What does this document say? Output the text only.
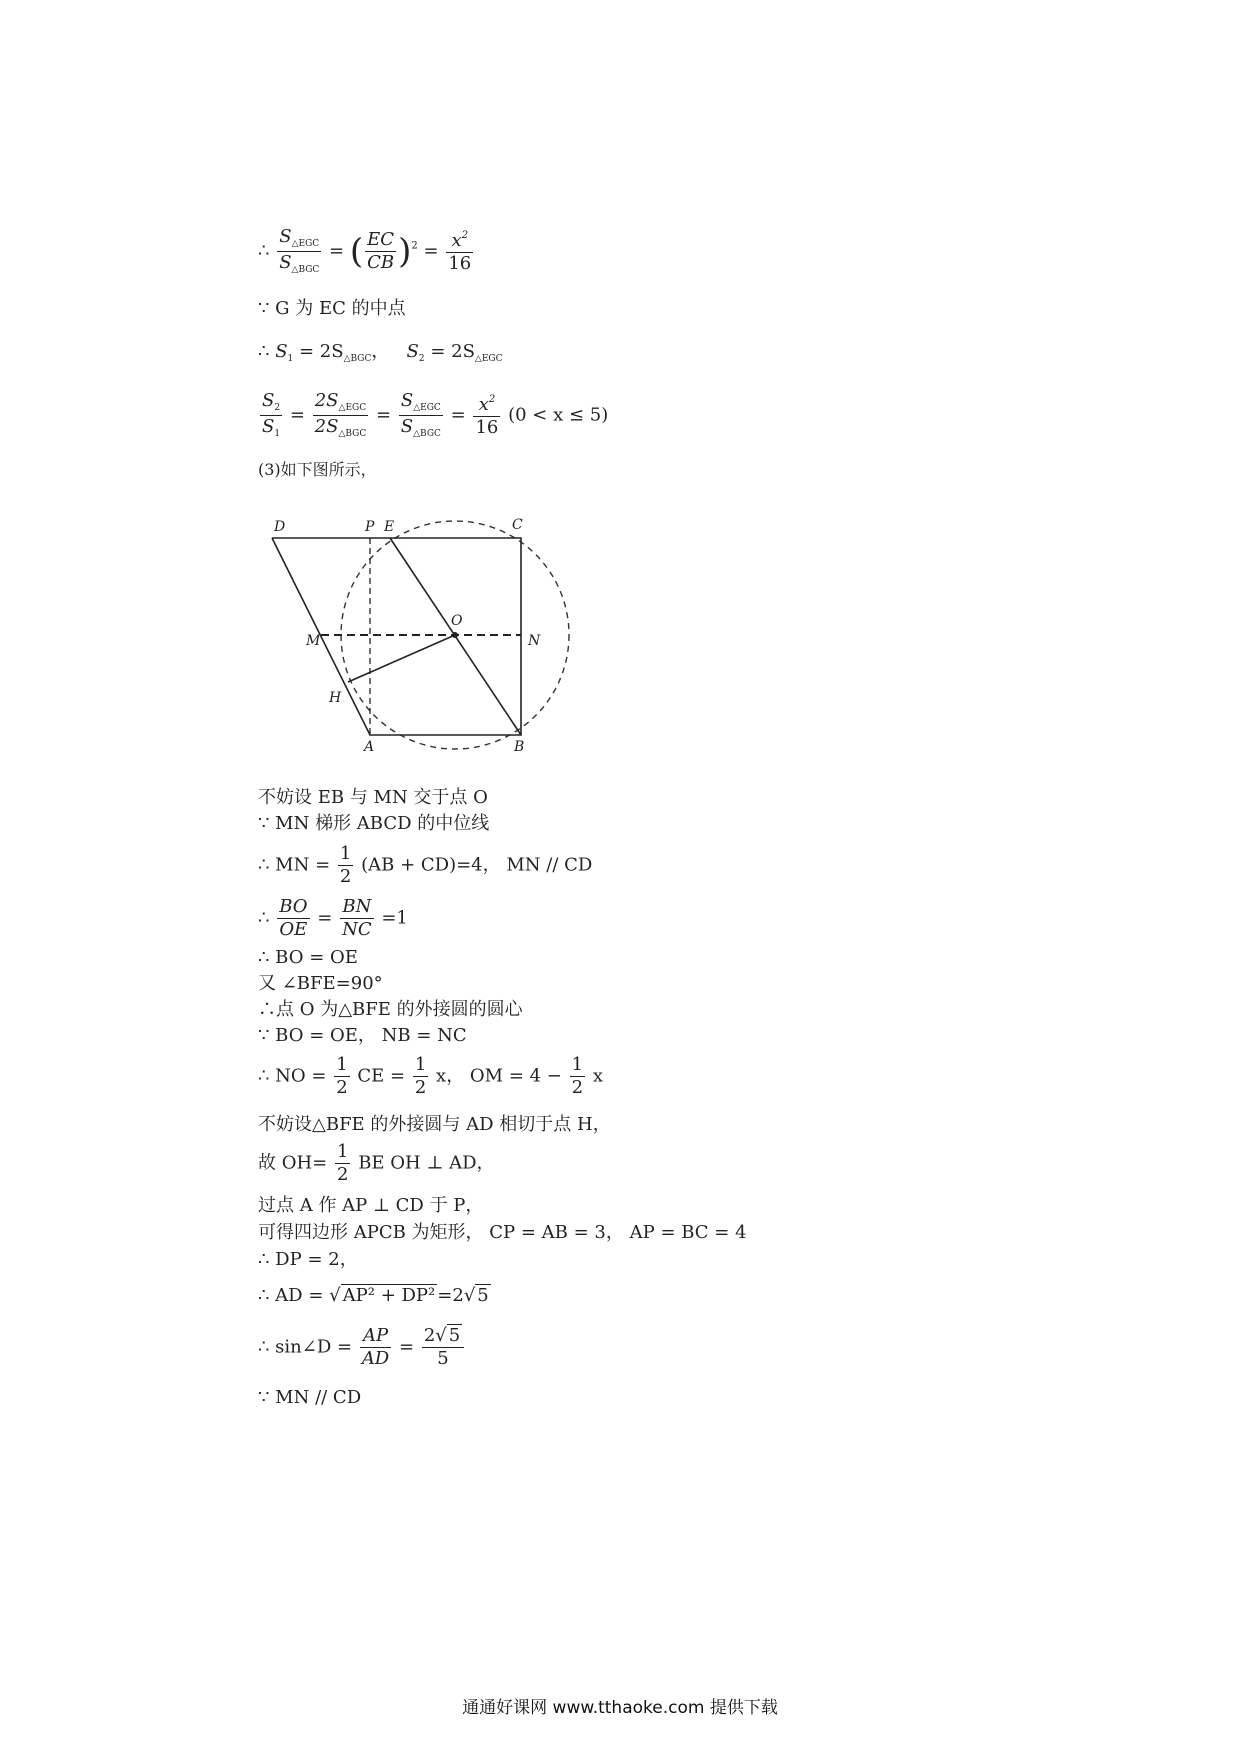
∴ $\frac{S_{\triangle EGC}}{S_{\triangle BGC}}$ = ( $\frac{EC}{CB} )^2 = \frac{x^2}{16}$
∵ G 为 EC 的中点
∴ $S_1 = 2S_{\triangle BGC}$， $S_2 = 2S_{\triangle EGC}$
$\frac{S_2}{S_1} = \frac{2S_{\triangle EGC}}{2S_{\triangle BGC}} = \frac{S_{\triangle EGC}}{S_{\triangle BGC}} = \frac{x^2}{16} (0 < x \le 5)$
(3)如下图所示，
D	P E	C
O
M	N
H
A	B
不妨设 EB 与 MN 交于点 O
∵ MN 梯形 ABCD 的中位线
∴ MN = $\frac{1}{2} (AB + CD)=4$， MN // CD
∴ $\frac{BO}{OE} = \frac{BN}{NC} =1$
∴ BO = OE
又 ∠BFE=90°
∴点 O 为△BFE 的外接圆的圆心
∵ BO = OE， NB = NC
∴ NO = $\frac{1}{2}$ CE = $\frac{1}{2}$ x， OM = $4 - \frac{1}{2}$ x
不妨设△BFE 的外接圆与 AD 相切于点 H，
故 $OH= \frac{1}{2}$ BE OH ⊥ AD，
过点 A 作 AP ⊥ CD 于 P，
可得四边形 APCB 为矩形， CP = AB = 3， AP = BC = 4
∴ DP = 2，
∴ AD = √ AP² + DP² =2√ 5
∴ sin∠D = $\frac{AP}{AD} = \frac{2√ 5}{5}$
∵ MN // CD
通通好课网 www.tthaoke.com 提供下载
